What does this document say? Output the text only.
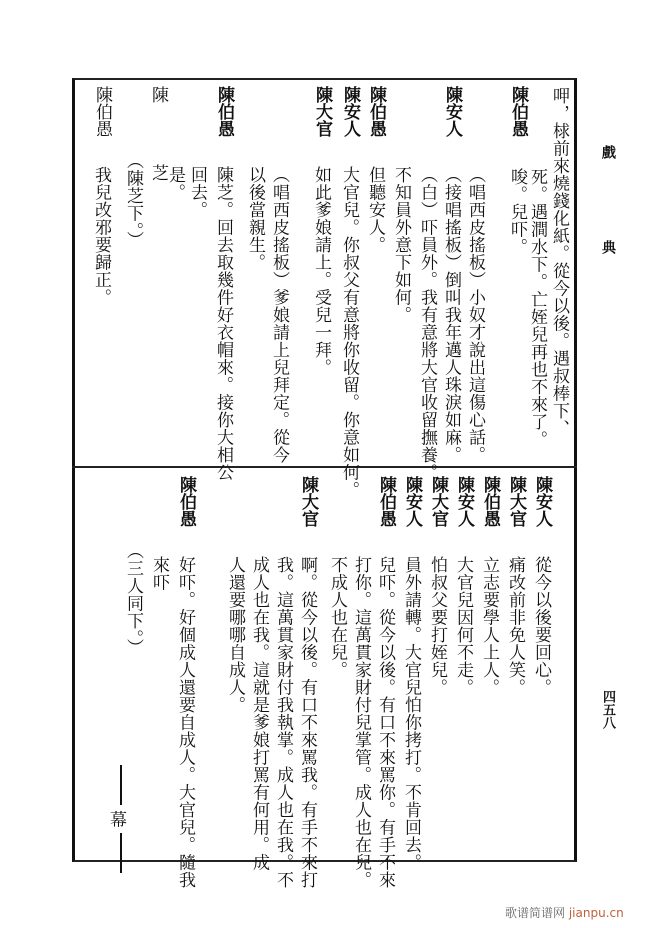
戲
典
四五八
陳伯愚 呷，梂前來燒錢化紙。從今以後。遇叔棒下、
死。遇澗水下。亡姪兒再也不來了。
唆。兒吓。
陳安人
（唱西皮搖板）小奴才說出這傷心話。
（接唱搖板）倒叫我年邁人珠淚如麻。
（白）吓員外。我有意將大官收留撫養。
陳伯愚
不知員外意下如何。
但聽安人。
陳安人
大官兒。你叔父有意將你收留。你意如何。
陳大官
如此爹娘請上。受兒一拜。
（唱西皮搖板）爹娘請上兒拜定。從今
以後當親生。
陳伯愚
陳芝。回去取幾件好衣帽來。接你大相公
回去。
陳　芝
是。
（陳芝下。）
陳伯愚
我兒改邪要歸正。
陳安人
從今以後要回心。
陳大官
痛改前非免人笑。
陳伯愚
立志要學人上人。
陳安人
大官兒因何不走。
陳大官
怕叔父要打姪兒。
陳安人
員外請轉。大官兒怕你拷打。不肯回去。
陳伯愚
兒吓。從今以後。有口不來罵你。有手不來
打你。這萬貫家財付兒掌管。成人也在兒。
不成人也在兒。
陳大官
啊。從今以後。有口不來罵我。有手不來打
我。這萬貫家財付我執掌。成人也在我。不
成人也在我。這就是爹娘打罵有何用。成
人還要哪哪自成人。
陳伯愚
好吓。好個成人還要自成人。大官兒。隨我
來吓
（三人同下。）
幕
歌谱简谱网 jianpu.cn
